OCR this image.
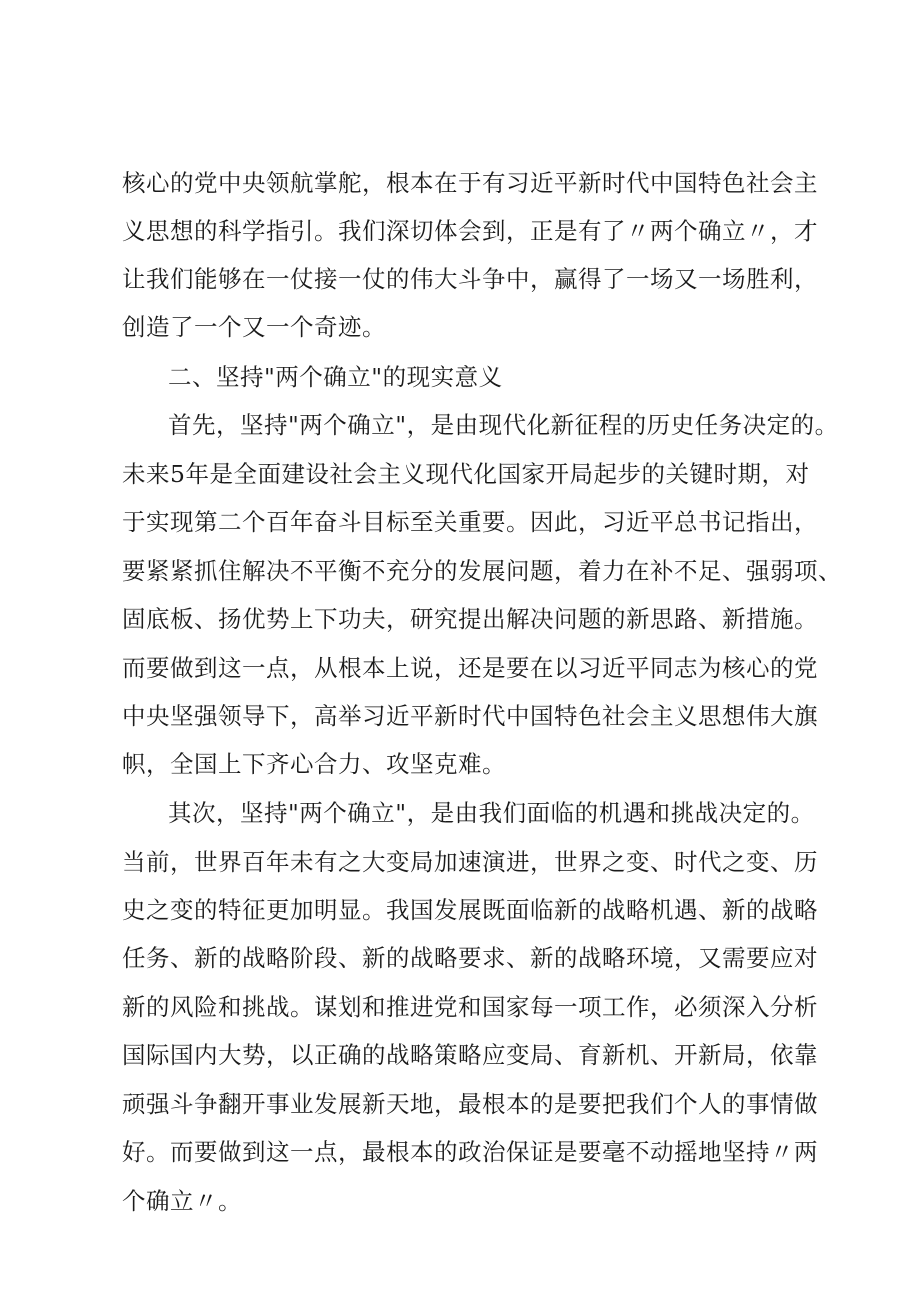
核心的党中央领航掌舵，根本在于有习近平新时代中国特色社会主
义思想的科学指引。我们深切体会到，正是有了〃两个确立〃，才
让我们能够在一仗接一仗的伟大斗争中，赢得了一场又一场胜利，
创造了一个又一个奇迹。
二、坚持"两个确立"的现实意义
首先，坚持"两个确立"，是由现代化新征程的历史任务决定的。
未来5年是全面建设社会主义现代化国家开局起步的关键时期，对
于实现第二个百年奋斗目标至关重要。因此，习近平总书记指出，
要紧紧抓住解决不平衡不充分的发展问题，着力在补不足、强弱项、
固底板、扬优势上下功夫，研究提出解决问题的新思路、新措施。
而要做到这一点，从根本上说，还是要在以习近平同志为核心的党
中央坚强领导下，高举习近平新时代中国特色社会主义思想伟大旗
帜，全国上下齐心合力、攻坚克难。
其次，坚持"两个确立"，是由我们面临的机遇和挑战决定的。
当前，世界百年未有之大变局加速演进，世界之变、时代之变、历
史之变的特征更加明显。我国发展既面临新的战略机遇、新的战略
任务、新的战略阶段、新的战略要求、新的战略环境，又需要应对
新的风险和挑战。谋划和推进党和国家每一项工作，必须深入分析
国际国内大势，以正确的战略策略应变局、育新机、开新局，依靠
顽强斗争翻开事业发展新天地，最根本的是要把我们个人的事情做
好。而要做到这一点，最根本的政治保证是要毫不动摇地坚持〃两
个确立〃。
